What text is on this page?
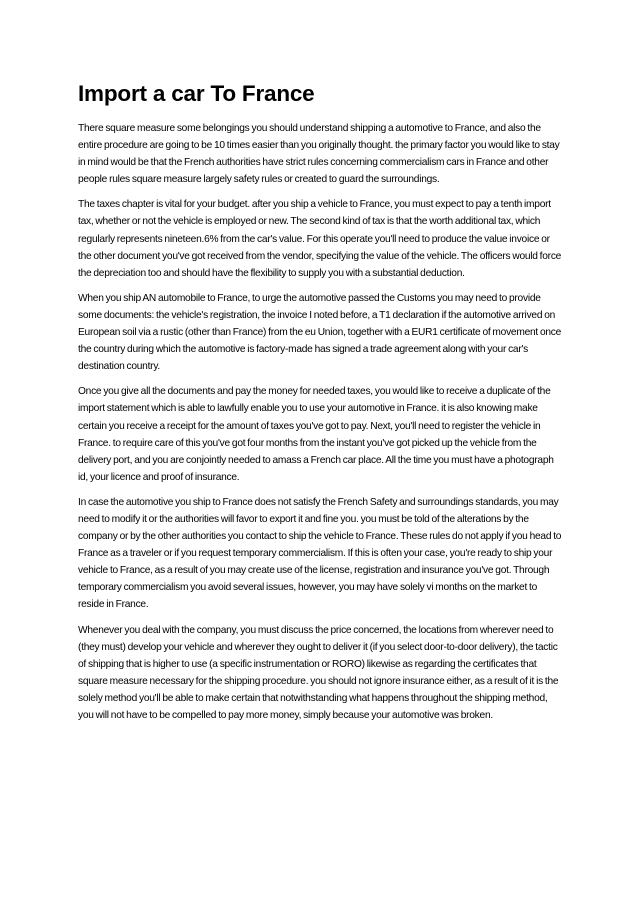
Import a car To France

There square measure some belongings you should understand shipping a automotive to France, and also the entire procedure are going to be 10 times easier than you originally thought. the primary factor you would like to stay in mind would be that the French authorities have strict rules concerning commercialism cars in France and other people rules square measure largely safety rules or created to guard the surroundings.

The taxes chapter is vital for your budget. after you ship a vehicle to France, you must expect to pay a tenth import tax, whether or not the vehicle is employed or new. The second kind of tax is that the worth additional tax, which regularly represents nineteen.6% from the car's value. For this operate you'll need to produce the value invoice or the other document you've got received from the vendor, specifying the value of the vehicle. The officers would force the depreciation too and should have the flexibility to supply you with a substantial deduction.

When you ship AN automobile to France, to urge the automotive passed the Customs you may need to provide some documents: the vehicle's registration, the invoice I noted before, a T1 declaration if the automotive arrived on European soil via a rustic (other than France) from the eu Union, together with a EUR1 certificate of movement once the country during which the automotive is factory-made has signed a trade agreement along with your car's destination country.

Once you give all the documents and pay the money for needed taxes, you would like to receive a duplicate of the import statement which is able to lawfully enable you to use your automotive in France. it is also knowing make certain you receive a receipt for the amount of taxes you've got to pay. Next, you'll need to register the vehicle in France. to require care of this you've got four months from the instant you've got picked up the vehicle from the delivery port, and you are conjointly needed to amass a French car place. All the time you must have a photograph id, your licence and proof of insurance.

In case the automotive you ship to France does not satisfy the French Safety and surroundings standards, you may need to modify it or the authorities will favor to export it and fine you. you must be told of the alterations by the company or by the other authorities you contact to ship the vehicle to France. These rules do not apply if you head to France as a traveler or if you request temporary commercialism. If this is often your case, you're ready to ship your vehicle to France, as a result of you may create use of the license, registration and insurance you've got. Through temporary commercialism you avoid several issues, however, you may have solely vi months on the market to reside in France.

Whenever you deal with the company, you must discuss the price concerned, the locations from wherever need to (they must) develop your vehicle and wherever they ought to deliver it (if you select door-to-door delivery), the tactic of shipping that is higher to use (a specific instrumentation or RORO) likewise as regarding the certificates that square measure necessary for the shipping procedure. you should not ignore insurance either, as a result of it is the solely method you'll be able to make certain that notwithstanding what happens throughout the shipping method, you will not have to be compelled to pay more money, simply because your automotive was broken.
